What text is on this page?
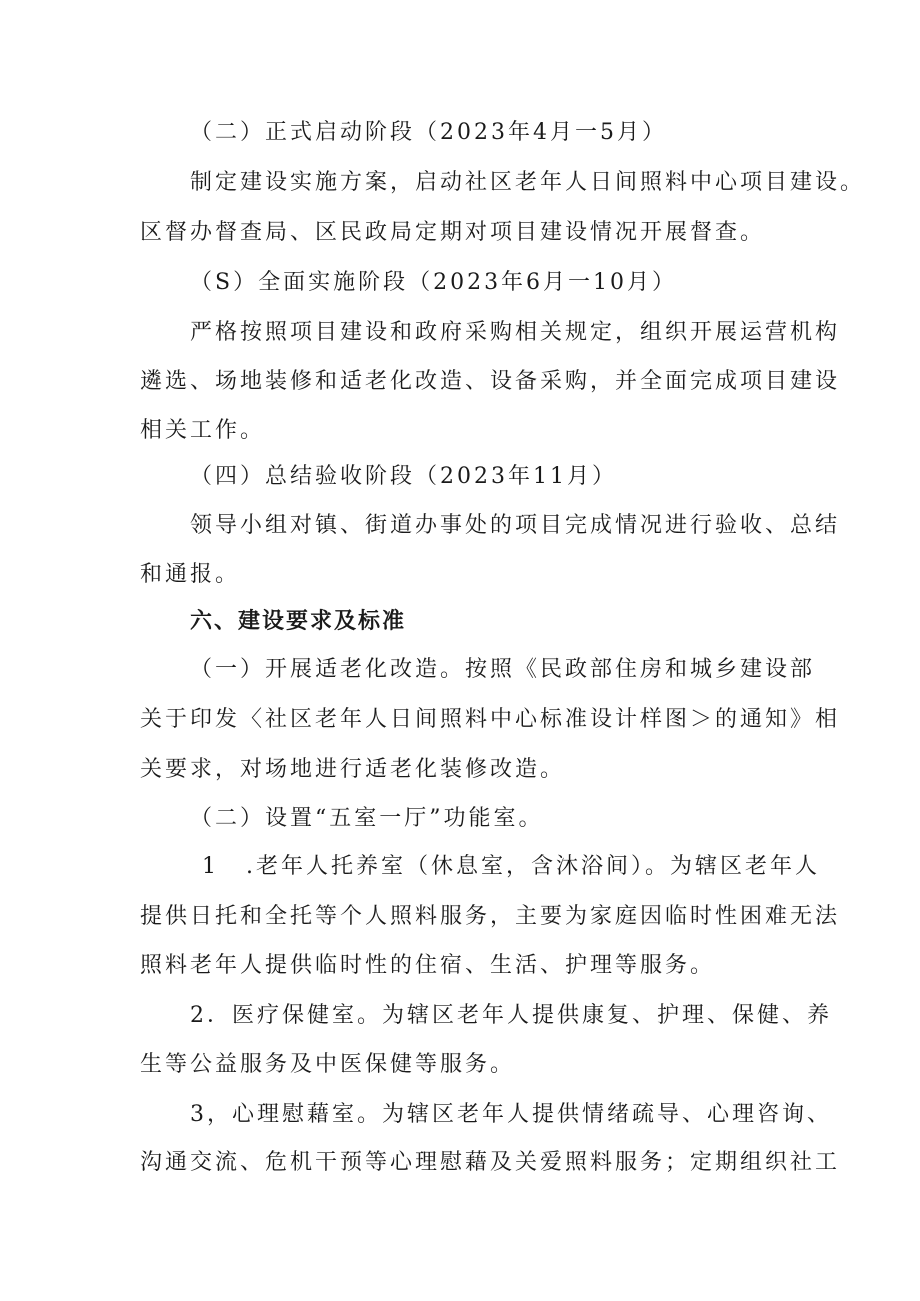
（二）正式启动阶段（2023年4月一5月）
制定建设实施方案，启动社区老年人日间照料中心项目建设。
区督办督查局、区民政局定期对项目建设情况开展督查。
（S）全面实施阶段（2023年6月一10月）
严格按照项目建设和政府采购相关规定，组织开展运营机构
遴选、场地装修和适老化改造、设备采购，并全面完成项目建设
相关工作。
（四）总结验收阶段（2023年11月）
领导小组对镇、街道办事处的项目完成情况进行验收、总结
和通报。
六、建设要求及标准
（一）开展适老化改造。按照《民政部住房和城乡建设部
关于印发〈社区老年人日间照料中心标准设计样图＞的通知》相
关要求，对场地进行适老化装修改造。
（二）设置“五室一厅”功能室。
1 .老年人托养室（休息室，含沐浴间）。为辖区老年人
提供日托和全托等个人照料服务，主要为家庭因临时性困难无法
照料老年人提供临时性的住宿、生活、护理等服务。
2．医疗保健室。为辖区老年人提供康复、护理、保健、养
生等公益服务及中医保健等服务。
3，心理慰藉室。为辖区老年人提供情绪疏导、心理咨询、
沟通交流、危机干预等心理慰藉及关爱照料服务；定期组织社工
